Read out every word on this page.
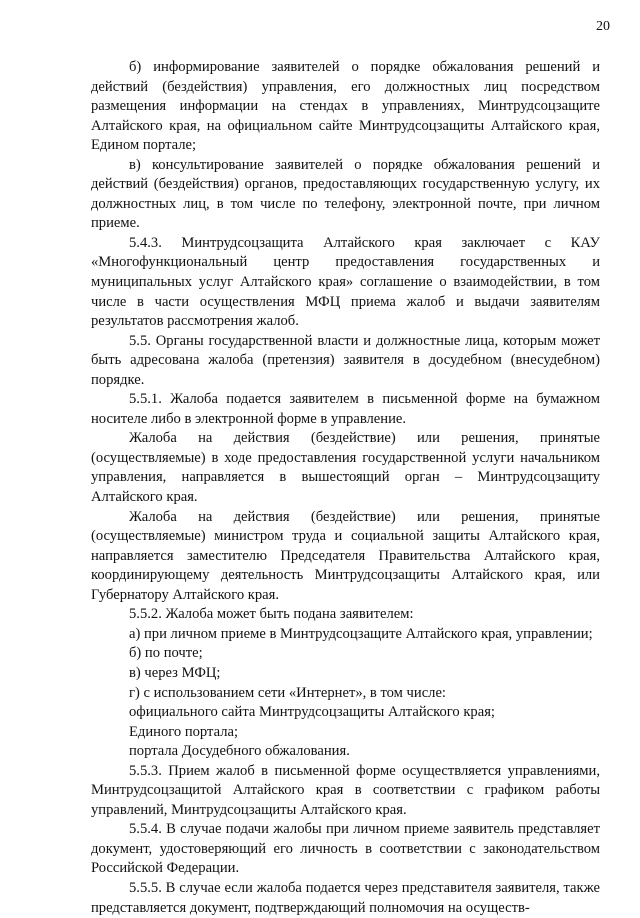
20

б) информирование заявителей о порядке обжалования решений и действий (бездействия) управления, его должностных лиц посредством размещения информации на стендах в управлениях, Минтрудсоцзащите Алтайского края, на официальном сайте Минтрудсоцзащиты Алтайского края, Едином портале;

в) консультирование заявителей о порядке обжалования решений и действий (бездействия) органов, предоставляющих государственную услугу, их должностных лиц, в том числе по телефону, электронной почте, при личном приеме.

5.4.3. Минтрудсоцзащита Алтайского края заключает с КАУ «Многофункциональный центр предоставления государственных и муниципальных услуг Алтайского края» соглашение о взаимодействии, в том числе в части осуществления МФЦ приема жалоб и выдачи заявителям результатов рассмотрения жалоб.

5.5. Органы государственной власти и должностные лица, которым может быть адресована жалоба (претензия) заявителя в досудебном (внесудебном) порядке.

5.5.1. Жалоба подается заявителем в письменной форме на бумажном носителе либо в электронной форме в управление.

Жалоба на действия (бездействие) или решения, принятые (осуществляемые) в ходе предоставления государственной услуги начальником управления, направляется в вышестоящий орган – Минтрудсоцзащиту Алтайского края.

Жалоба на действия (бездействие) или решения, принятые (осуществляемые) министром труда и социальной защиты Алтайского края, направляется заместителю Председателя Правительства Алтайского края, координирующему деятельность Минтрудсоцзащиты Алтайского края, или Губернатору Алтайского края.

5.5.2. Жалоба может быть подана заявителем:

а) при личном приеме в Минтрудсоцзащите Алтайского края, управлении;

б) по почте;

в) через МФЦ;

г) с использованием сети «Интернет», в том числе:

официального сайта Минтрудсоцзащиты Алтайского края;

Единого портала;

портала Досудебного обжалования.

5.5.3. Прием жалоб в письменной форме осуществляется управлениями, Минтрудсоцзащитой Алтайского края в соответствии с графиком работы управлений, Минтрудсоцзащиты Алтайского края.

5.5.4. В случае подачи жалобы при личном приеме заявитель представляет документ, удостоверяющий его личность в соответствии с законодательством Российской Федерации.

5.5.5. В случае если жалоба подается через представителя заявителя, также представляется документ, подтверждающий полномочия на осуществ-
